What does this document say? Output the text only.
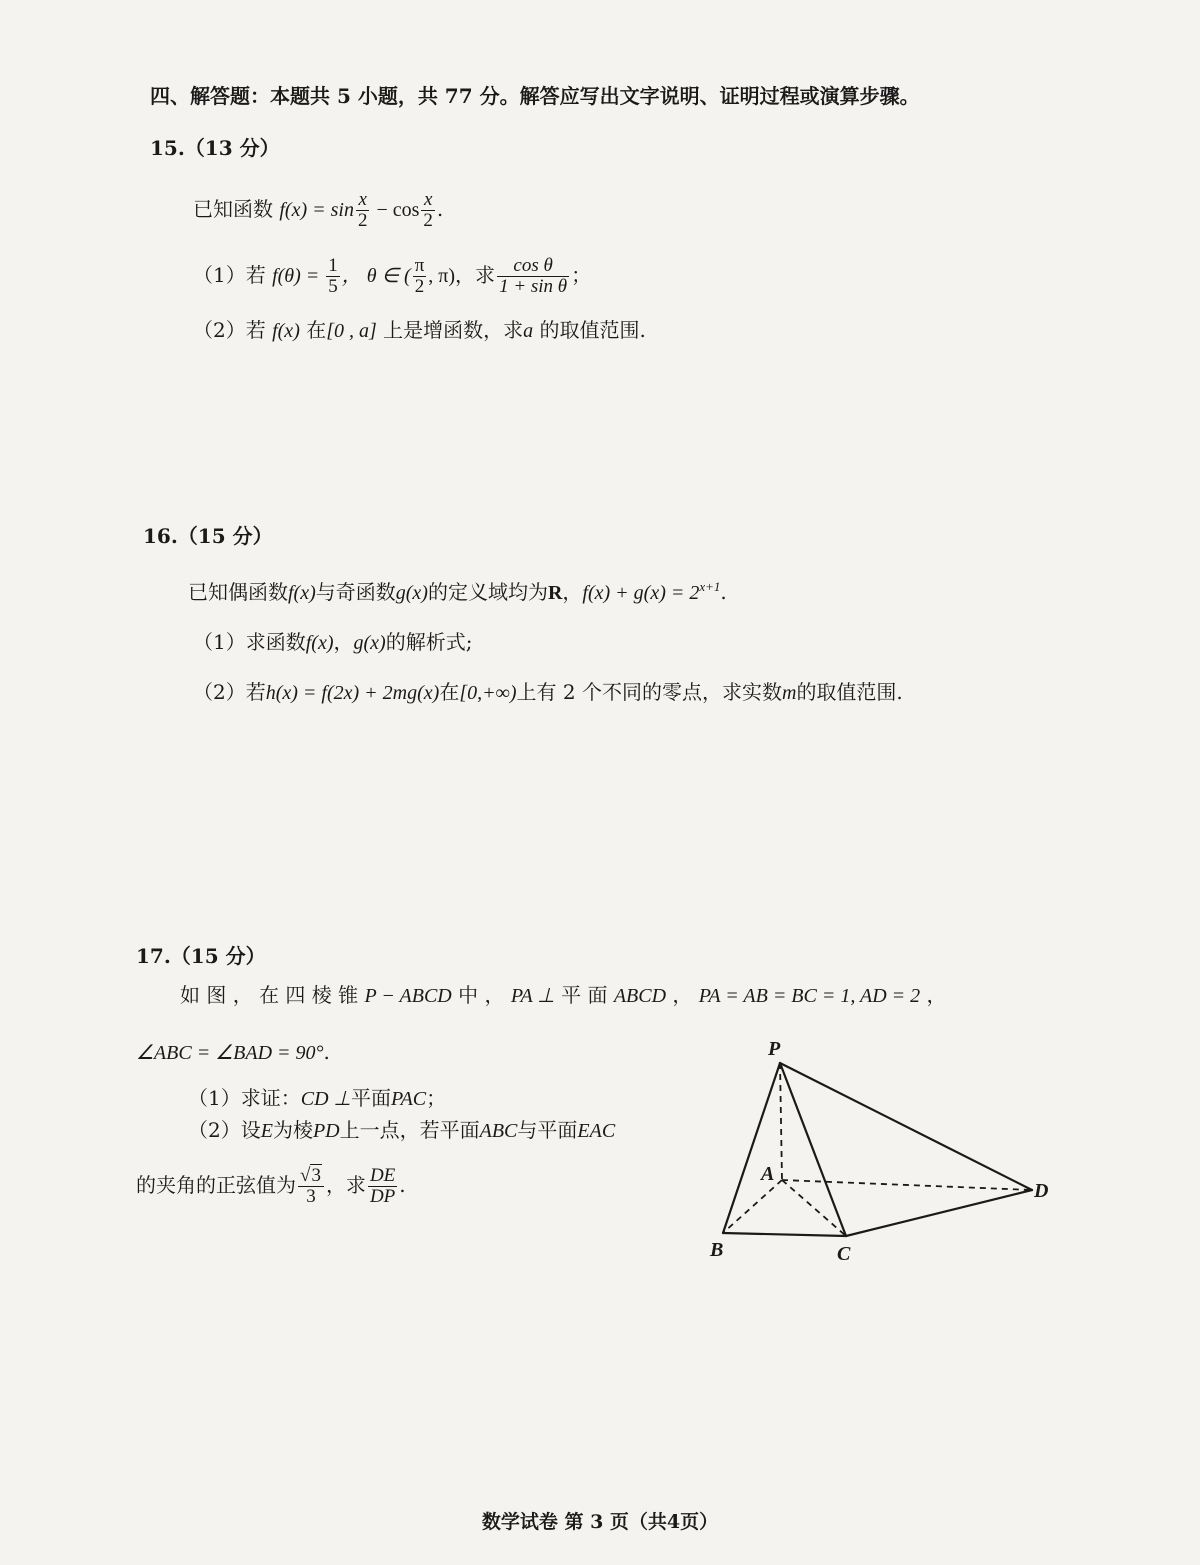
四、解答题：本题共 5 小题，共 77 分。解答应写出文字说明、证明过程或演算步骤。
15.（13 分）
已知函数 $f(x) = \sin \frac{x}{2} - \cos \frac{x}{2}$ .
（1）若 $f(\theta) = \frac{1}{5}$ ， θ ∈ ( $\frac{\pi}{2}$ , π)，求 $\frac{\text{cos θ}}{\text{1 + sin θ}}$ ；
（2）若 f(x) 在[0 , a] 上是增函数，求a 的取值范围.
16.（15 分）
已知偶函数f(x)与奇函数g(x)的定义域均为R，$f(x) + g(x) = 2^{x+1}$.
（1）求函数f(x)，g(x)的解析式;
（2）若h(x) = f(2x) + 2mg(x)在[0,+∞)上有 2 个不同的零点，求实数m的取值范围.
17.（15 分）
如 图 ， 在 四 棱 锥 P − ABCD 中 ， PA ⊥ 平 面 ABCD ， PA = AB = BC = 1, AD = 2 ，
∠ABC = ∠BAD = 90°.
（1）求证：CD ⊥平面PAC；
（2）设E为棱PD上一点，若平面ABC与平面EAC
的夹角的正弦值为 $\frac{√3}{3}$ ，求 $\frac{DE}{DP}$ .
P
A
B	C
D
数学试卷 第 3 页（共4页）
